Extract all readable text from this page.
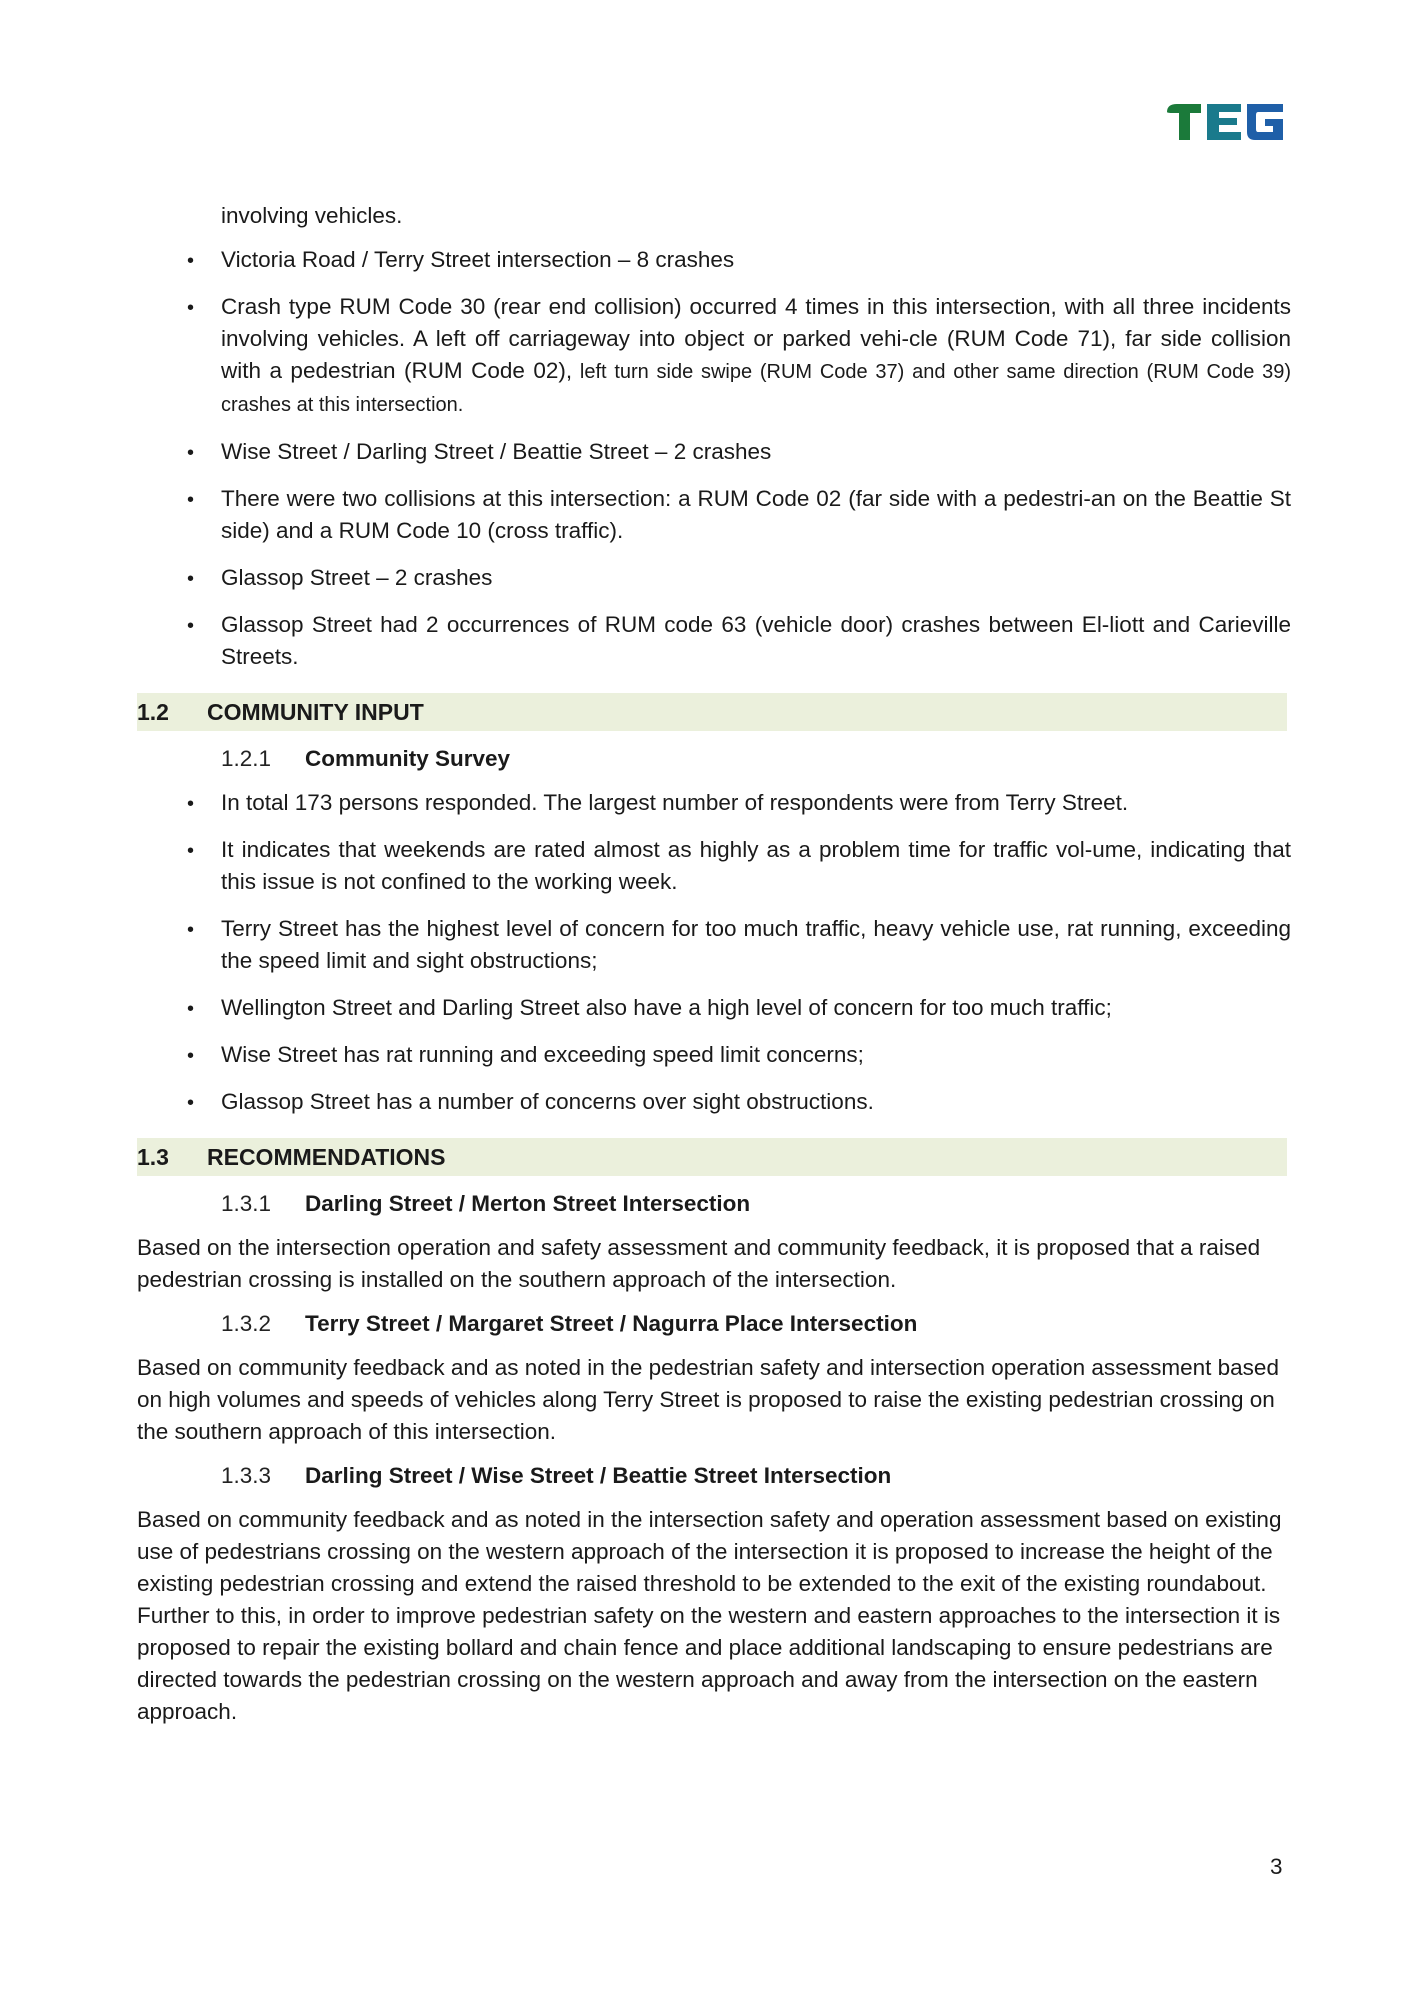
involving vehicles.
•
Victoria Road / Terry Street intersection – 8 crashes
•
Crash type RUM Code 30 (rear end collision) occurred 4 times in this intersection, with all three incidents involving vehicles. A left off carriageway into object or parked vehi-cle (RUM Code 71), far side collision with a pedestrian (RUM Code 02), left turn side swipe (RUM Code 37) and other same direction (RUM Code 39) crashes at this intersection.
•
Wise Street / Darling Street / Beattie Street – 2 crashes
•
There were two collisions at this intersection: a RUM Code 02 (far side with a pedestri-an on the Beattie St side) and a RUM Code 10 (cross traffic).
•
Glassop Street – 2 crashes
•
Glassop Street had 2 occurrences of RUM code 63 (vehicle door) crashes between El-liott and Carieville Streets.
1.2	COMMUNITY INPUT
1.2.1	Community Survey
•
In total 173 persons responded. The largest number of respondents were from Terry Street.
•
It indicates that weekends are rated almost as highly as a problem time for traffic vol-ume, indicating that this issue is not confined to the working week.
•
Terry Street has the highest level of concern for too much traffic, heavy vehicle use, rat running, exceeding the speed limit and sight obstructions;
•
Wellington Street and Darling Street also have a high level of concern for too much traffic;
•
Wise Street has rat running and exceeding speed limit concerns;
•
Glassop Street has a number of concerns over sight obstructions.
1.3	RECOMMENDATIONS
1.3.1	Darling Street / Merton Street Intersection
Based on the intersection operation and safety assessment and community feedback, it is proposed that a raised pedestrian crossing is installed on the southern approach of the intersection.
1.3.2	Terry Street / Margaret Street / Nagurra Place Intersection
Based on community feedback and as noted in the pedestrian safety and intersection operation assessment based on high volumes and speeds of vehicles along Terry Street is proposed to raise the existing pedestrian crossing on the southern approach of this intersection.
1.3.3	Darling Street / Wise Street / Beattie Street Intersection
Based on community feedback and as noted in the intersection safety and operation assessment based on existing use of pedestrians crossing on the western approach of the intersection it is proposed to increase the height of the existing pedestrian crossing and extend the raised threshold to be extended to the exit of the existing roundabout. Further to this, in order to improve pedestrian safety on the western and eastern approaches to the intersection it is proposed to repair the existing bollard and chain fence and place additional landscaping to ensure pedestrians are directed towards the pedestrian crossing on the western approach and away from the intersection on the eastern approach.
3
